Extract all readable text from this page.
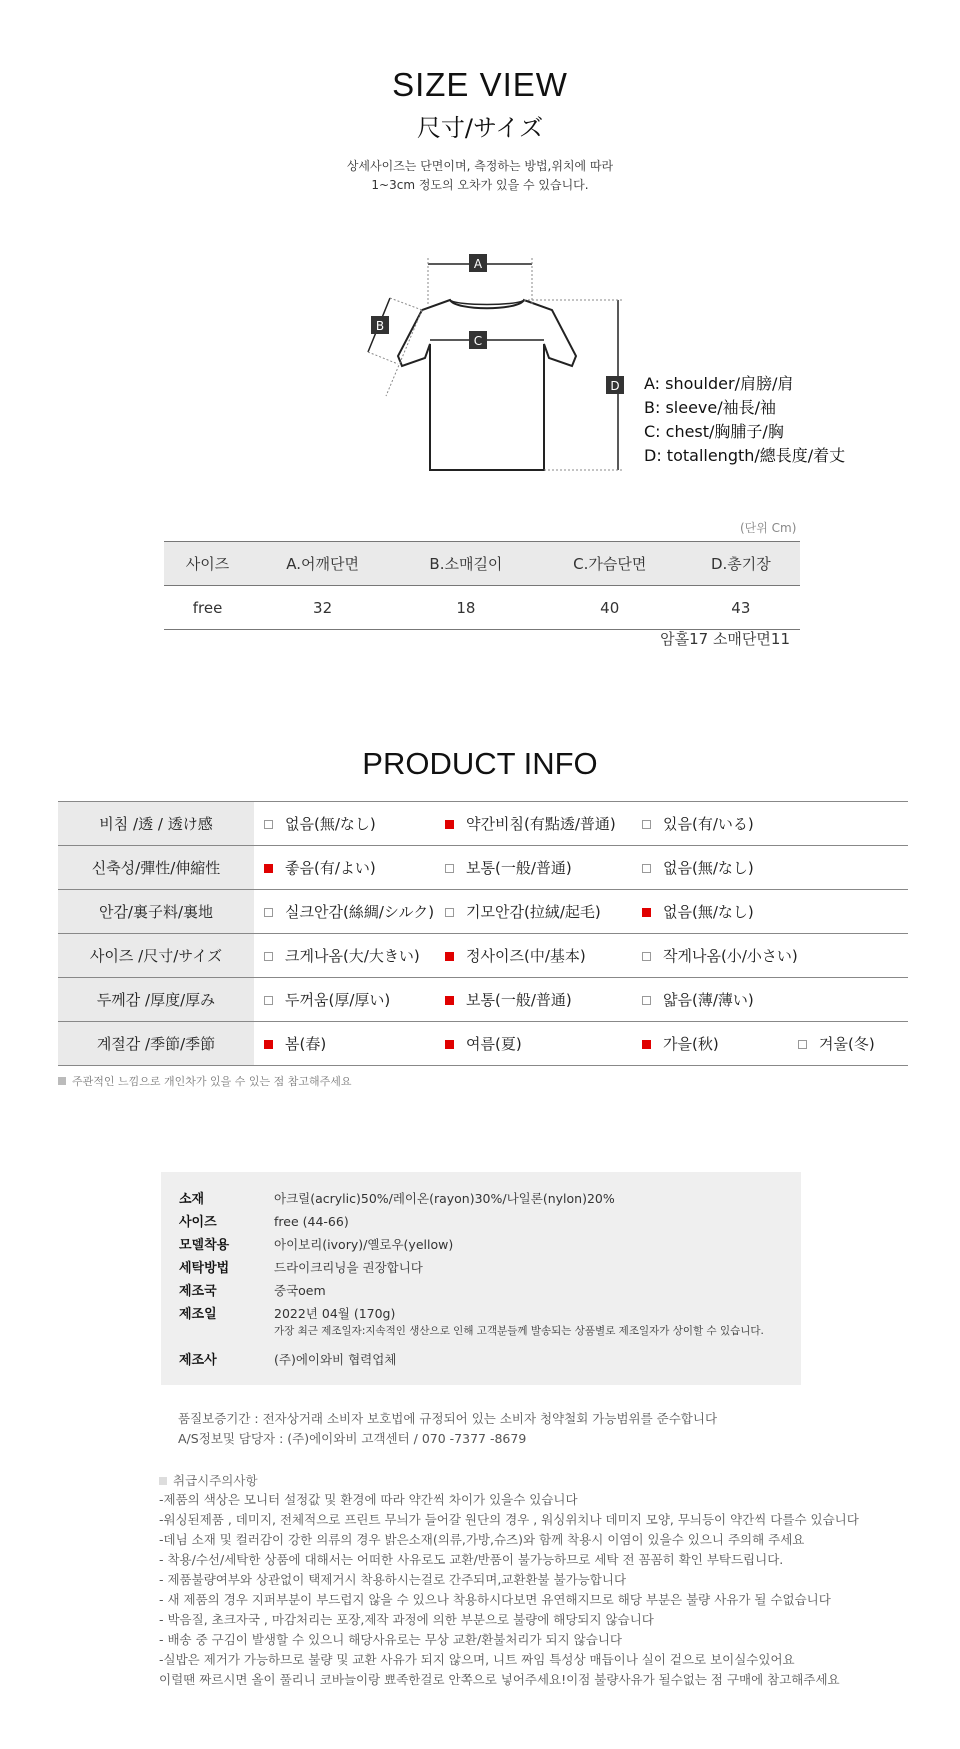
SIZE VIEW
尺寸/サイズ
상세사이즈는 단면이며, 측정하는 방법,위치에 따라
1~3cm 정도의 오차가 있을 수 있습니다.
A
B
C
D A: shoulder/肩膀/肩
B: sleeve/袖長/袖
C: chest/胸脯子/胸
D: totallength/總長度/着丈
(단위 Cm)
사이즈	A.어깨단면	B.소매길이	C.가슴단면	D.총기장
free	32	18	40	43
암홀17 소매단면11
PRODUCT INFO
비침 /透 / 透け感	없음(無/なし)	약간비침(有點透/普通)	있음(有/いる)	
신축성/彈性/伸縮性	좋음(有/よい)	보통(一般/普通)	없음(無/なし)	
안감/裏子料/裏地	실크안감(絲綢/シルク)	기모안감(拉絨/起毛)	없음(無/なし)	
사이즈 /尺寸/サイズ	크게나옴(大/大きい)	정사이즈(中/基本)	작게나옴(小/小さい)	
두께감 /厚度/厚み	두꺼움(厚/厚い)	보통(一般/普通)	얇음(薄/薄い)	
계절감 /季節/季節	봄(春)	여름(夏)	가을(秋)	겨울(冬)
주관적인 느낌으로 개인차가 있을 수 있는 점 참고해주세요
소재	아크릴(acrylic)50%/레이온(rayon)30%/나일론(nylon)20%
사이즈	free (44-66)
모델착용	아이보리(ivory)/옐로우(yellow)
세탁방법	드라이크리닝을 권장합니다
제조국	중국oem
제조일	2022년 04월 (170g)
가장 최근 제조일자:지속적인 생산으로 인해 고객분들께 발송되는 상품별로 제조일자가 상이할 수 있습니다.
제조사	(주)에이와비 협력업체
품질보증기간 : 전자상거래 소비자 보호법에 규정되어 있는 소비자 청약철회 가능범위를 준수합니다
A/S정보및 담당자 : (주)에이와비 고객센터 / 070 -7377 -8679
취급시주의사항
-제품의 색상은 모니터 설정값 및 환경에 따라 약간씩 차이가 있을수 있습니다
-워싱된제품 , 데미지, 전체적으로 프린트 무늬가 들어갈 원단의 경우 , 워싱위치나 데미지 모양, 무늬등이 약간씩 다를수 있습니다
-데님 소재 및 컬러감이 강한 의류의 경우 밝은소재(의류,가방,슈즈)와 함께 착용시 이염이 있을수 있으니 주의해 주세요
- 착용/수선/세탁한 상품에 대해서는 어떠한 사유로도 교환/반품이 불가능하므로 세탁 전 꼼꼼히 확인 부탁드립니다.
- 제품불량여부와 상관없이 택제거시 착용하시는걸로 간주되며,교환환불 불가능합니다
- 새 제품의 경우 지퍼부분이 부드럽지 않을 수 있으나 착용하시다보면 유연해지므로 해당 부분은 불량 사유가 될 수없습니다
- 박음질, 초크자국 , 마감처리는 포장,제작 과정에 의한 부분으로 불량에 해당되지 않습니다
- 배송 중 구김이 발생할 수 있으니 해당사유로는 무상 교환/환불처리가 되지 않습니다
-실밥은 제거가 가능하므로 불량 및 교환 사유가 되지 않으며, 니트 짜임 특성상 매듭이나 실이 겉으로 보이실수있어요
이럴땐 짜르시면 올이 풀리니 코바늘이랑 뾰족한걸로 안쪽으로 넣어주세요!이점 불량사유가 될수없는 점 구매에 참고해주세요
